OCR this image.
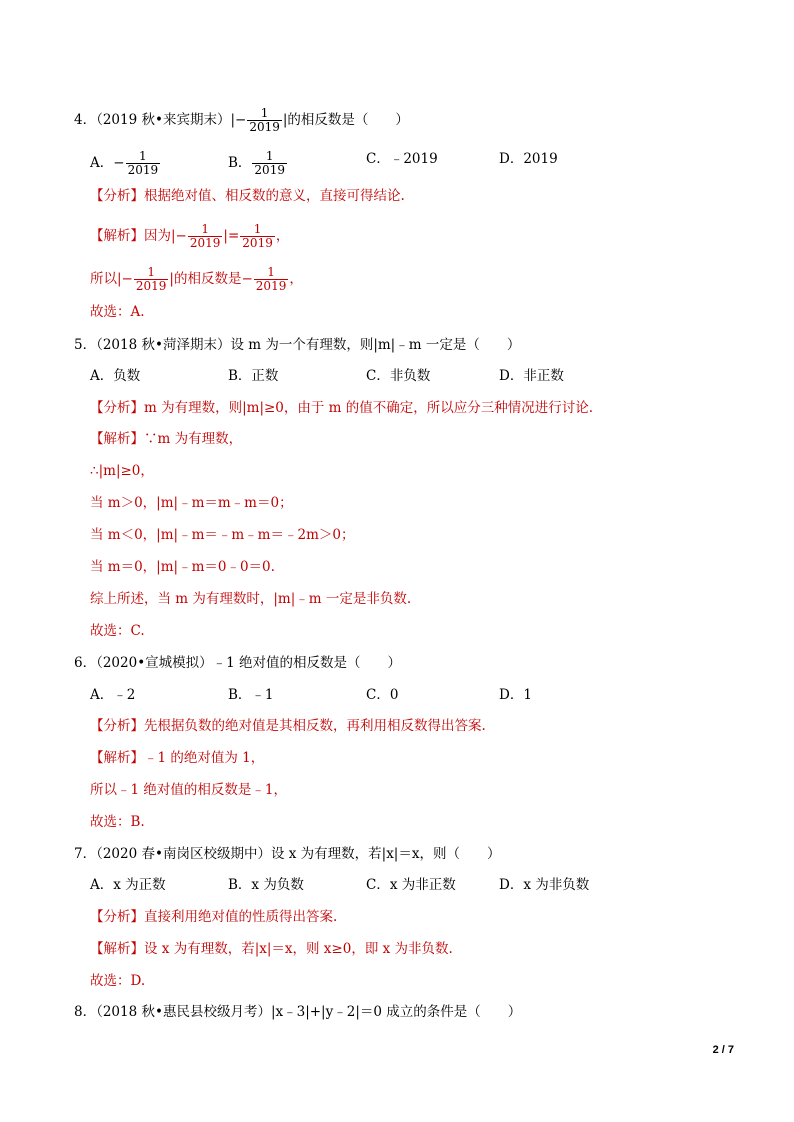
4．（2019 秋•来宾期末）|− $\frac{1}{2019}$ |的相反数是（　　）
A．− $\frac{1}{2019}$	B． $\frac{1}{2019}$	C．﹣2019	D．2019
【分析】根据绝对值、相反数的意义，直接可得结论.
【解析】因为|− $\frac{1}{2019}$ |= $\frac{1}{2019}$ ，
所以|− $\frac{1}{2019}$ |的相反数是− $\frac{1}{2019}$ ，
故选：A.
5．（2018 秋•菏泽期末）设 m 为一个有理数，则|m|﹣m 一定是（　　）
A．负数	B．正数	C．非负数	D．非正数
【分析】m 为有理数，则|m|≥0，由于 m 的值不确定，所以应分三种情况进行讨论.
【解析】∵m 为有理数，
∴|m|≥0，
当 m＞0，|m|﹣m＝m﹣m＝0；
当 m＜0，|m|﹣m＝﹣m﹣m＝﹣2m＞0；
当 m＝0，|m|﹣m＝0﹣0＝0.
综上所述，当 m 为有理数时，|m|﹣m 一定是非负数.
故选：C.
6．（2020•宣城模拟）﹣1 绝对值的相反数是（　　）
A．﹣2	B．﹣1	C．0	D．1
【分析】先根据负数的绝对值是其相反数，再利用相反数得出答案.
【解析】﹣1 的绝对值为 1，
所以﹣1 绝对值的相反数是﹣1，
故选：B.
7．（2020 春•南岗区校级期中）设 x 为有理数，若|x|＝x，则（　　）
A．x 为正数	B．x 为负数	C．x 为非正数	D．x 为非负数
【分析】直接利用绝对值的性质得出答案.
【解析】设 x 为有理数，若|x|＝x，则 x≥0，即 x 为非负数.
故选：D.
8．（2018 秋•惠民县校级月考）|x﹣3|+|y﹣2|＝0 成立的条件是（　　）
2 / 7
